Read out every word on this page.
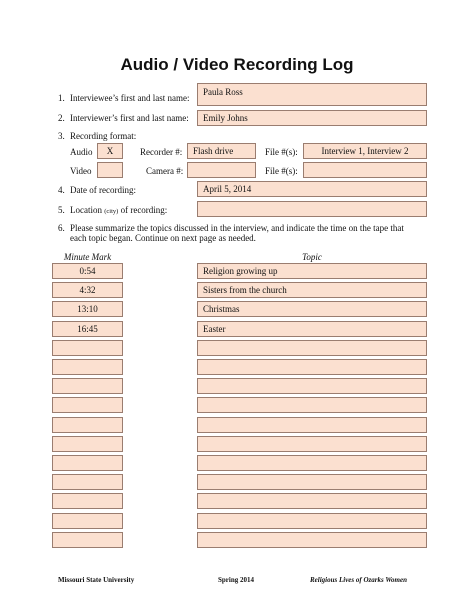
Audio / Video Recording Log
1. Interviewee’s first and last name:
Paula Ross
2. Interviewer’s first and last name:	Emily Johns
3. Recording format:
Audio	X	Recorder #:	Flash drive	File #(s):	Interview 1, Interview 2
Video	Camera #:	File #(s):
4. Date of recording:	April 5, 2014
5. Location (city) of recording:
6. Please summarize the topics discussed in the interview, and indicate the time on the tape that
each topic began. Continue on next page as needed.
Minute Mark	Topic
0:54	Religion growing up
4:32	Sisters from the church
13:10	Christmas
16:45	Easter
Missouri State University	Spring 2014	Religious Lives of Ozarks Women
